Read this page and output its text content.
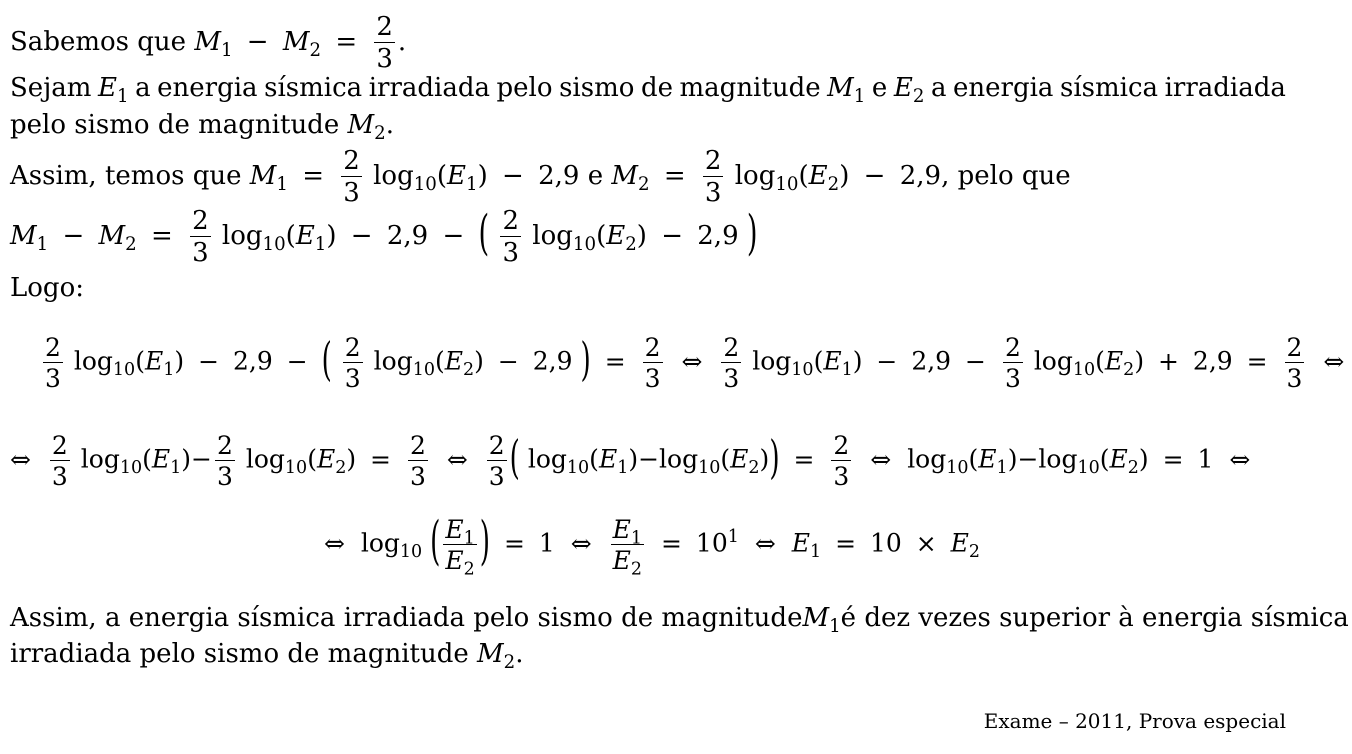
Sabemos que $M_1 - M_2 = \frac{2}{3}$ .
Sejam $E_1$ a energia sísmica irradiada pelo sismo de magnitude $M_1$ e $E_2$ a energia sísmica irradiada
pelo sismo de magnitude $M_2$.
Assim, temos que $M_1 = \frac{2}{3} \log_{10}(E_1) - 2,9$ e $M_2 = \frac{2}{3} \log_{10}(E_2) - 2,9$, pelo que
$M_1 - M_2 = \frac{2}{3} \log_{10}(E_1) - 2,9$ − ( $\frac{2}{3} \log_{10}(E_2) - 2,9$ )
Logo:
$\frac{2}{3} \log_{10}(E_1) - 2,9$ − ( $\frac{2}{3} \log_{10}(E_2) - 2,9$ ) = $\frac{2}{3}$ ⇔ $\frac{2}{3} \log_{10}(E_1) - 2,9 - \frac{2}{3} \log_{10}(E_2) + 2,9 = \frac{2}{3}$ ⇔
⇔ $\frac{2}{3} \log_{10}(E_1)- \frac{2}{3} \log_{10}(E_2) = \frac{2}{3}$ ⇔ $\frac{2}{3}$ ( $\log_{10}(E_1)-\log_{10}(E_2)) = \frac{2}{3}$ ⇔ $\log_{10}(E_1)-\log_{10}(E_2) = 1$ ⇔
⇔ $\log_{10}$ ( $\frac{E_1}{E_2}$ ) = 1 ⇔ $\frac{E_1}{E_2} = 10^1$ ⇔ $E_1 = 10 \times E_2$
Assim, a energia sísmica irradiada pelo sismo de magnitude $M_1$ é dez vezes superior à energia sísmica
irradiada pelo sismo de magnitude $M_2$.
Exame – 2011, Prova especial
